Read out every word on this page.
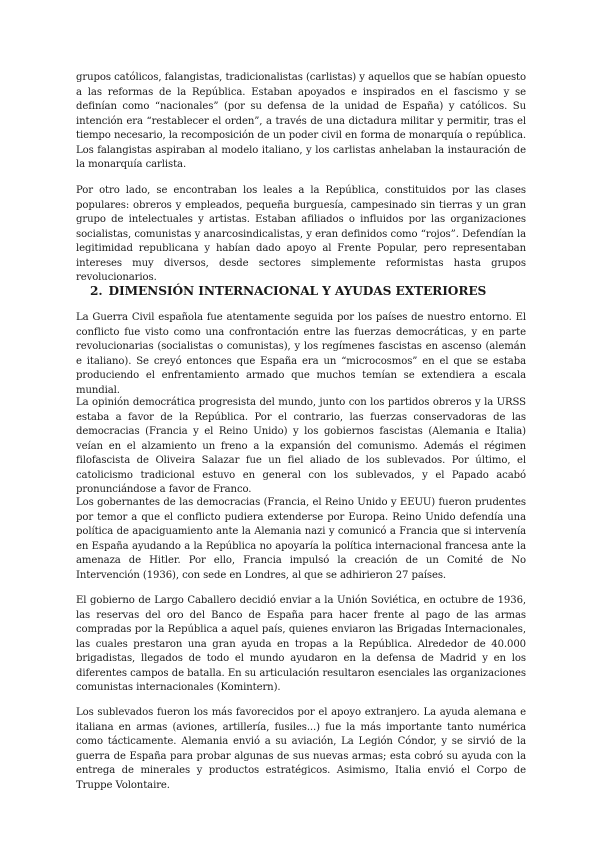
grupos católicos, falangistas, tradicionalistas (carlistas) y aquellos que se habían opuesto a las reformas de la República. Estaban apoyados e inspirados en el fascismo y se definían como “nacionales” (por su defensa de la unidad de España) y católicos. Su intención era “restablecer el orden”, a través de una dictadura militar y permitir, tras el tiempo necesario, la recomposición de un poder civil en forma de monarquía o república. Los falangistas aspiraban al modelo italiano, y los carlistas anhelaban la instauración de la monarquía carlista.

Por otro lado, se encontraban los leales a la República, constituidos por las clases populares: obreros y empleados, pequeña burguesía, campesinado sin tierras y un gran grupo de intelectuales y artistas. Estaban afiliados o influidos por las organizaciones socialistas, comunistas y anarcosindicalistas, y eran definidos como “rojos”. Defendían la legitimidad republicana y habían dado apoyo al Frente Popular, pero representaban intereses muy diversos, desde sectores simplemente reformistas hasta grupos revolucionarios.

2. DIMENSIÓN INTERNACIONAL Y AYUDAS EXTERIORES

La Guerra Civil española fue atentamente seguida por los países de nuestro entorno. El conflicto fue visto como una confrontación entre las fuerzas democráticas, y en parte revolucionarias (socialistas o comunistas), y los regímenes fascistas en ascenso (alemán e italiano). Se creyó entonces que España era un “microcosmos” en el que se estaba produciendo el enfrentamiento armado que muchos temían se extendiera a escala mundial.

La opinión democrática progresista del mundo, junto con los partidos obreros y la URSS estaba a favor de la República. Por el contrario, las fuerzas conservadoras de las democracias (Francia y el Reino Unido) y los gobiernos fascistas (Alemania e Italia) veían en el alzamiento un freno a la expansión del comunismo. Además el régimen filofascista de Oliveira Salazar fue un fiel aliado de los sublevados. Por último, el catolicismo tradicional estuvo en general con los sublevados, y el Papado acabó pronunciándose a favor de Franco.

Los gobernantes de las democracias (Francia, el Reino Unido y EEUU) fueron prudentes por temor a que el conflicto pudiera extenderse por Europa. Reino Unido defendía una política de apaciguamiento ante la Alemania nazi y comunicó a Francia que si intervenía en España ayudando a la República no apoyaría la política internacional francesa ante la amenaza de Hitler. Por ello, Francia impulsó la creación de un Comité de No Intervención (1936), con sede en Londres, al que se adhirieron 27 países.

El gobierno de Largo Caballero decidió enviar a la Unión Soviética, en octubre de 1936, las reservas del oro del Banco de España para hacer frente al pago de las armas compradas por la República a aquel país, quienes enviaron las Brigadas Internacionales, las cuales prestaron una gran ayuda en tropas a la República. Alrededor de 40.000 brigadistas, llegados de todo el mundo ayudaron en la defensa de Madrid y en los diferentes campos de batalla. En su articulación resultaron esenciales las organizaciones comunistas internacionales (Komintern).

Los sublevados fueron los más favorecidos por el apoyo extranjero. La ayuda alemana e italiana en armas (aviones, artillería, fusiles...) fue la más importante tanto numérica como tácticamente. Alemania envió a su aviación, La Legión Cóndor, y se sirvió de la guerra de España para probar algunas de sus nuevas armas; esta cobró su ayuda con la entrega de minerales y productos estratégicos. Asimismo, Italia envió el Corpo de Truppe Volontaire.
